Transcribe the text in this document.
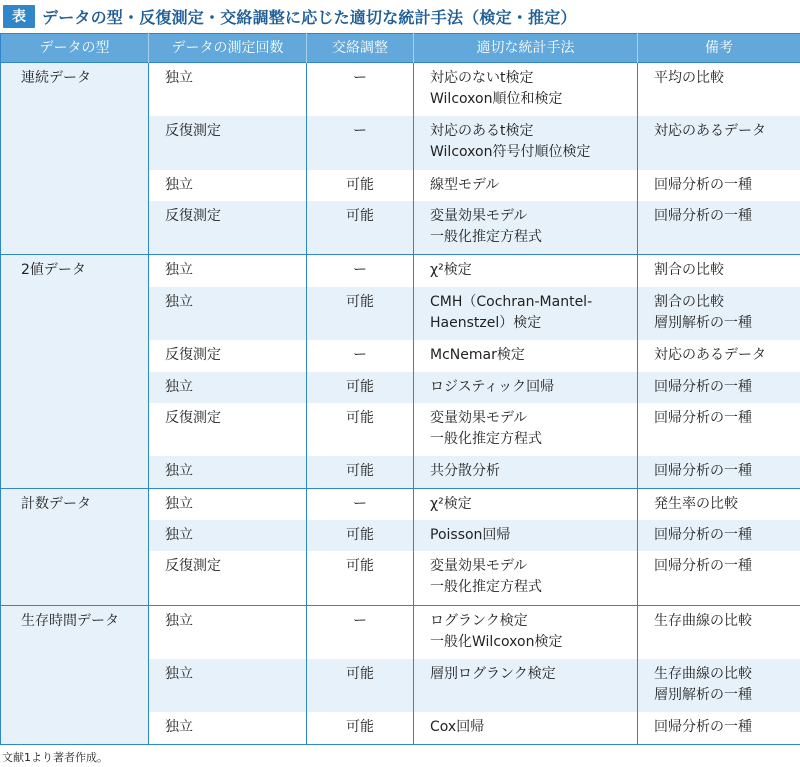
表	データの型・反復測定・交絡調整に応じた適切な統計手法（検定・推定）
データの型	データの測定回数	交絡調整	適切な統計手法	備考
連続データ	独立	ー	対応のないt検定
Wilcoxon順位和検定	平均の比較

	反復測定	ー	対応のあるt検定
Wilcoxon符号付順位検定	対応のあるデータ

	独立	可能	線型モデル	回帰分析の一種

	反復測定	可能	変量効果モデル
一般化推定方程式	回帰分析の一種

2値データ	独立	ー	χ²検定	割合の比較

	独立	可能	CMH（Cochran-Mantel-
Haenstzel）検定	割合の比較
層別解析の一種

	反復測定	ー	McNemar検定	対応のあるデータ

	独立	可能	ロジスティック回帰	回帰分析の一種

	反復測定	可能	変量効果モデル
一般化推定方程式	回帰分析の一種

	独立	可能	共分散分析	回帰分析の一種

計数データ	独立	ー	χ²検定	発生率の比較

	独立	可能	Poisson回帰	回帰分析の一種

	反復測定	可能	変量効果モデル
一般化推定方程式	回帰分析の一種

生存時間データ	独立	ー	ログランク検定
一般化Wilcoxon検定	生存曲線の比較

	独立	可能	層別ログランク検定	生存曲線の比較
層別解析の一種

	独立	可能	Cox回帰	回帰分析の一種
文献1より著者作成。
